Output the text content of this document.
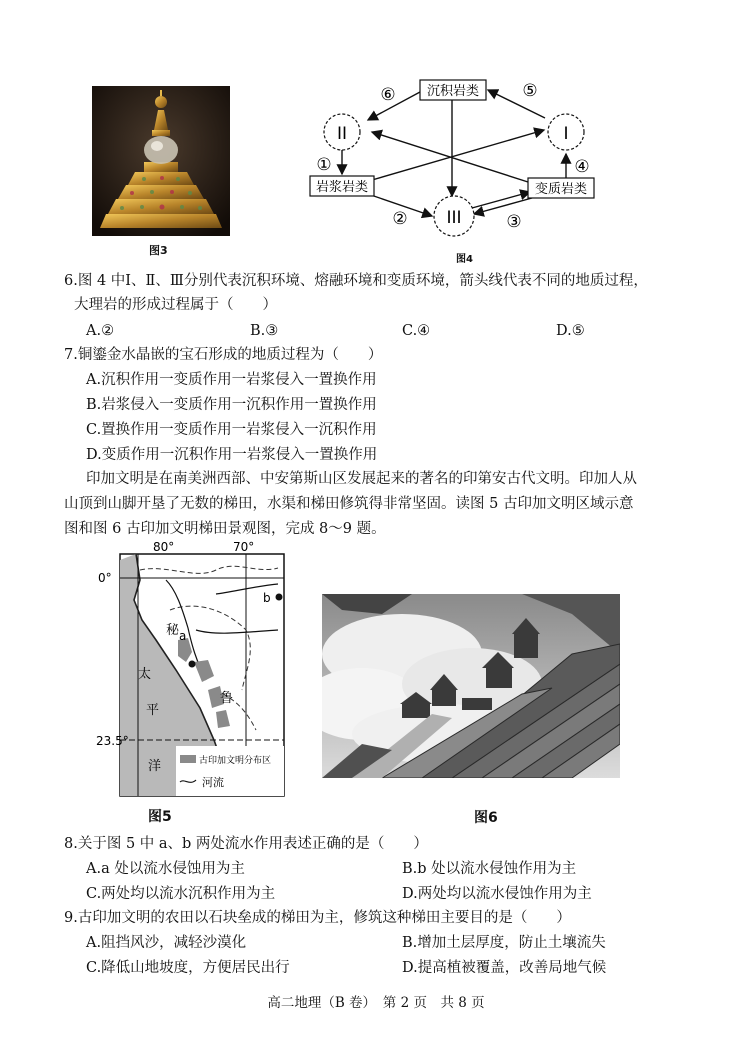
图3
沉积岩类
岩浆岩类	变质岩类
II	I
III
⑥	⑤
①	④
②	③
图4
6.图 4 中Ⅰ、Ⅱ、Ⅲ分别代表沉积环境、熔融环境和变质环境，箭头线代表不同的地质过程，
大理岩的形成过程属于（　　）
A.②	B.③	C.④	D.⑤
7.铜鎏金水晶嵌的宝石形成的地质过程为（　　）
A.沉积作用一变质作用一岩浆侵入一置换作用
B.岩浆侵入一变质作用一沉积作用一置换作用
C.置换作用一变质作用一岩浆侵入一沉积作用
D.变质作用一沉积作用一岩浆侵入一置换作用
印加文明是在南美洲西部、中安第斯山区发展起来的著名的印第安古代文明。印加人从
山顶到山脚开垦了无数的梯田，水渠和梯田修筑得非常坚固。读图 5 古印加文明区域示意
图和图 6 古印加文明梯田景观图，完成 8～9 题。
80°	70°
0°
23.5°
b
a
秘
鲁
太
平
洋	古印加文明分布区
河流
图5	图6
8.关于图 5 中 a、b 两处流水作用表述正确的是（　　）
A.a 处以流水侵蚀用为主	B.b 处以流水侵蚀作用为主
C.两处均以流水沉积作用为主	D.两处均以流水侵蚀作用为主
9.古印加文明的农田以石块垒成的梯田为主，修筑这种梯田主要目的是（　　）
A.阻挡风沙，减轻沙漠化	B.增加土层厚度，防止土壤流失
C.降低山地坡度，方便居民出行	D.提高植被覆盖，改善局地气候
高二地理（B 卷）　第 2 页　共 8 页
